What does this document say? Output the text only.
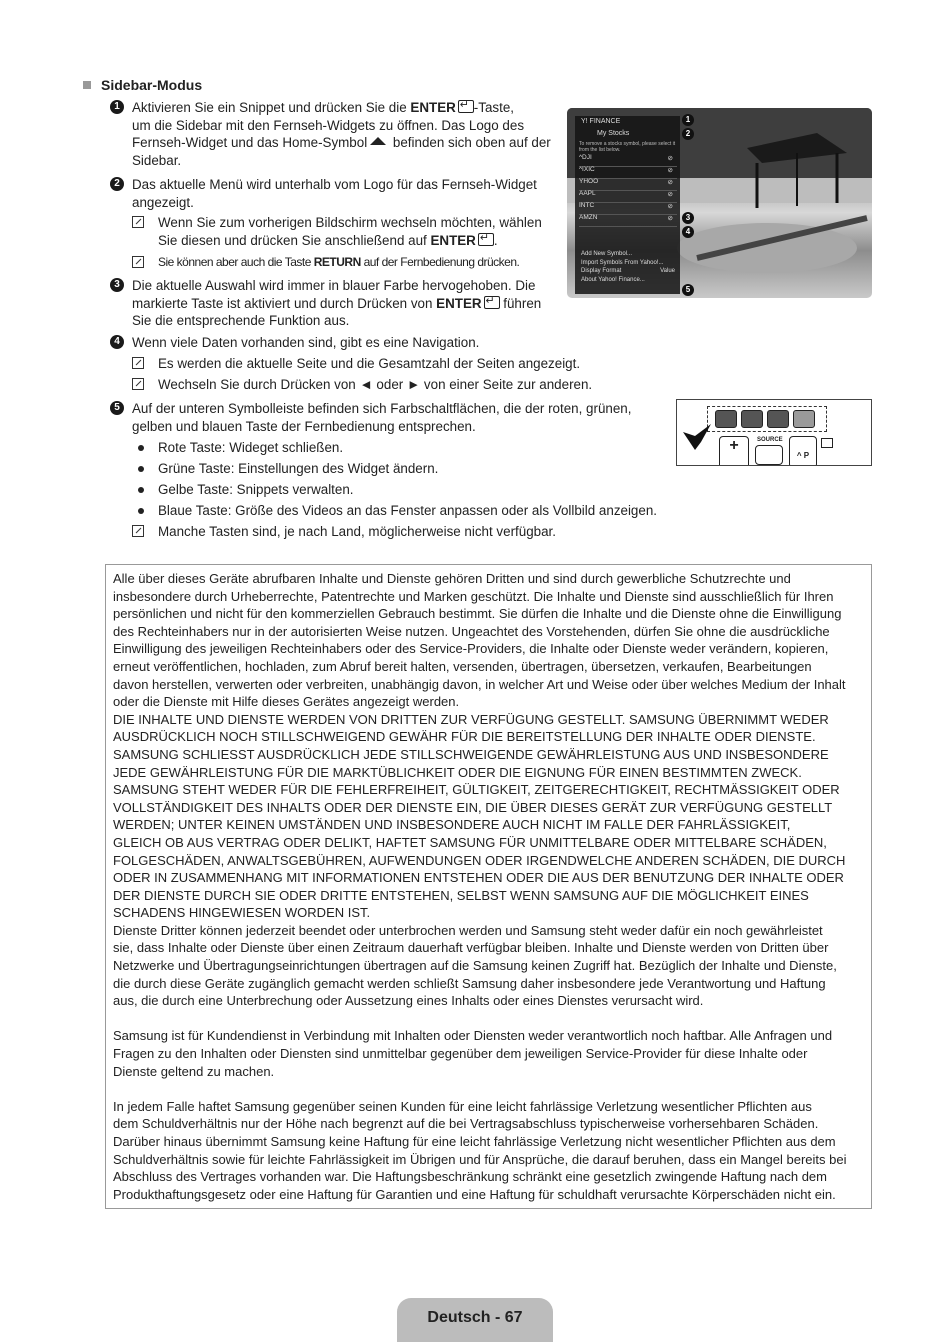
Sidebar-Modus
1 Aktivieren Sie ein Snippet und drücken Sie die ENTER ↵ -Taste,
um die Sidebar mit den Fernseh-Widgets zu öffnen. Das Logo des
Fernseh-Widget und das Home-Symbol befinden sich oben auf der
Sidebar.
2 Das aktuelle Menü wird unterhalb vom Logo für das Fernseh-Widget
angezeigt.
Wenn Sie zum vorherigen Bildschirm wechseln möchten, wählen
Sie diesen und drücken Sie anschließend auf ENTER ↵ .
Sie können aber auch die Taste RETURN auf der Fernbedienung drücken.
3 Die aktuelle Auswahl wird immer in blauer Farbe hervogehoben. Die
markierte Taste ist aktiviert und durch Drücken von ENTER↵ führen
Sie die entsprechende Funktion aus.
4 Wenn viele Daten vorhanden sind, gibt es eine Navigation.
Es werden die aktuelle Seite und die Gesamtzahl der Seiten angezeigt.
Wechseln Sie durch Drücken von ◄ oder ► von einer Seite zur anderen.
5 Auf der unteren Symbolleiste befinden sich Farbschaltflächen, die der roten, grünen,
gelben und blauen Taste der Fernbedienung entsprechen.
Rote Taste: Wideget schließen.
Grüne Taste: Einstellungen des Widget ändern.
Gelbe Taste: Snippets verwalten.
Blaue Taste: Größe des Videos an das Fenster anpassen oder als Vollbild anzeigen.
Manche Tasten sind, je nach Land, möglicherweise nicht verfügbar.
Y! FINANCE
My Stocks
To remove a stocks symbol, please select it from the list below.
^DJI	⊘
^IXIC	⊘
YHOO	⊘
AAPL	⊘
INTC	⊘
AMZN	⊘
Add New Symbol...
Import Symbols From Yahoo!...
Display Format	Value
About Yahoo! Finance...
1
2
3
4
5
+	SOURCE
^ P

Alle über dieses Geräte abrufbaren Inhalte und Dienste gehören Dritten und sind durch gewerbliche Schutzrechte und
insbesondere durch Urheberrechte, Patentrechte und Marken geschützt. Die Inhalte und Dienste sind ausschließlich für Ihren
persönlichen und nicht für den kommerziellen Gebrauch bestimmt. Sie dürfen die Inhalte und die Dienste ohne die Einwilligung
des Rechteinhabers nur in der autorisierten Weise nutzen. Ungeachtet des Vorstehenden, dürfen Sie ohne die ausdrückliche
Einwilligung des jeweiligen Rechteinhabers oder des Service-Providers, die Inhalte oder Dienste weder verändern, kopieren,
erneut veröffentlichen, hochladen, zum Abruf bereit halten, versenden, übertragen, übersetzen, verkaufen, Bearbeitungen
davon herstellen, verwerten oder verbreiten, unabhängig davon, in welcher Art und Weise oder über welches Medium der Inhalt
oder die Dienste mit Hilfe dieses Gerätes angezeigt werden.

DIE INHALTE UND DIENSTE WERDEN VON DRITTEN ZUR VERFÜGUNG GESTELLT. SAMSUNG ÜBERNIMMT WEDER
AUSDRÜCKLICH NOCH STILLSCHWEIGEND GEWÄHR FÜR DIE BEREITSTELLUNG DER INHALTE ODER DIENSTE.
SAMSUNG SCHLIESST AUSDRÜCKLICH JEDE STILLSCHWEIGENDE GEWÄHRLEISTUNG AUS UND INSBESONDERE
JEDE GEWÄHRLEISTUNG FÜR DIE MARKTÜBLICHKEIT ODER DIE EIGNUNG FÜR EINEN BESTIMMTEN ZWECK.
SAMSUNG STEHT WEDER FÜR DIE FEHLERFREIHEIT, GÜLTIGKEIT, ZEITGERECHTIGKEIT, RECHTMÄSSIGKEIT ODER
VOLLSTÄNDIGKEIT DES INHALTS ODER DER DIENSTE EIN, DIE ÜBER DIESES GERÄT ZUR VERFÜGUNG GESTELLT
WERDEN; UNTER KEINEN UMSTÄNDEN UND INSBESONDERE AUCH NICHT IM FALLE DER FAHRLÄSSIGKEIT,
GLEICH OB AUS VERTRAG ODER DELIKT, HAFTET SAMSUNG FÜR UNMITTELBARE ODER MITTELBARE SCHÄDEN,
FOLGESCHÄDEN, ANWALTSGEBÜHREN, AUFWENDUNGEN ODER IRGENDWELCHE ANDEREN SCHÄDEN, DIE DURCH
ODER IN ZUSAMMENHANG MIT INFORMATIONEN ENTSTEHEN ODER DIE AUS DER BENUTZUNG DER INHALTE ODER
DER DIENSTE DURCH SIE ODER DRITTE ENTSTEHEN, SELBST WENN SAMSUNG AUF DIE MÖGLICHKEIT EINES
SCHADENS HINGEWIESEN WORDEN IST.

Dienste Dritter können jederzeit beendet oder unterbrochen werden und Samsung steht weder dafür ein noch gewährleistet
sie, dass Inhalte oder Dienste über einen Zeitraum dauerhaft verfügbar bleiben. Inhalte und Dienste werden von Dritten über
Netzwerke und Übertragungseinrichtungen übertragen auf die Samsung keinen Zugriff hat. Bezüglich der Inhalte und Dienste,
die durch diese Geräte zugänglich gemacht werden schließt Samsung daher insbesondere jede Verantwortung und Haftung
aus, die durch eine Unterbrechung oder Aussetzung eines Inhalts oder eines Dienstes verursacht wird.

Samsung ist für Kundendienst in Verbindung mit Inhalten oder Diensten weder verantwortlich noch haftbar. Alle Anfragen und
Fragen zu den Inhalten oder Diensten sind unmittelbar gegenüber dem jeweiligen Service-Provider für diese Inhalte oder
Dienste geltend zu machen.

In jedem Falle haftet Samsung gegenüber seinen Kunden für eine leicht fahrlässige Verletzung wesentlicher Pflichten aus
dem Schuldverhältnis nur der Höhe nach begrenzt auf die bei Vertragsabschluss typischerweise vorhersehbaren Schäden.
Darüber hinaus übernimmt Samsung keine Haftung für eine leicht fahrlässige Verletzung nicht wesentlicher Pflichten aus dem
Schuldverhältnis sowie für leichte Fahrlässigkeit im Übrigen und für Ansprüche, die darauf beruhen, dass ein Mangel bereits bei
Abschluss des Vertrages vorhanden war. Die Haftungsbeschränkung schränkt eine gesetzlich zwingende Haftung nach dem
Produkthaftungsgesetz oder eine Haftung für Garantien und eine Haftung für schuldhaft verursachte Körperschäden nicht ein.

Deutsch - 67
